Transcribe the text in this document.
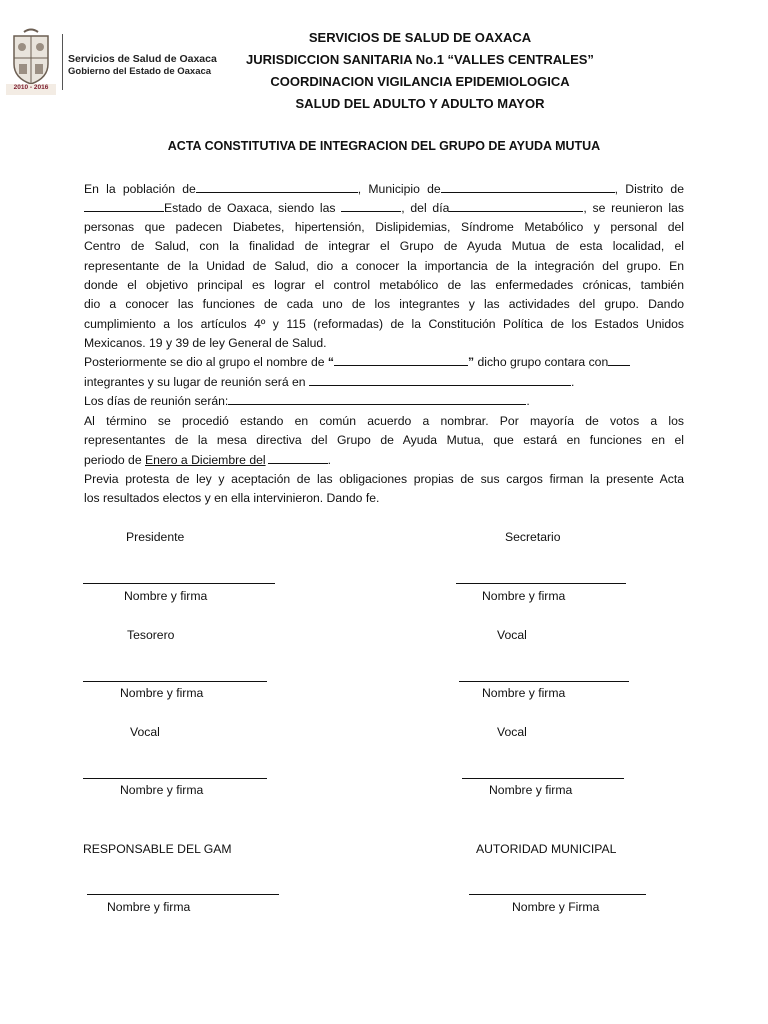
2010 - 2016
Servicios de Salud de Oaxaca
Gobierno del Estado de Oaxaca
SERVICIOS DE SALUD DE OAXACA
JURISDICCION SANITARIA No.1 “VALLES CENTRALES”
COORDINACION VIGILANCIA EPIDEMIOLOGICA
SALUD DEL ADULTO Y ADULTO MAYOR
ACTA CONSTITUTIVA DE INTEGRACION DEL GRUPO DE AYUDA MUTUA
En la población de	, Municipio de	, Distrito de
Estado de Oaxaca, siendo las	, del día	, se reunieron las
personas que padecen Diabetes, hipertensión, Dislipidemias, Síndrome Metabólico y personal del
Centro de Salud, con la finalidad de integrar el Grupo de Ayuda Mutua de esta localidad, el
representante de la Unidad de Salud, dio a conocer la importancia de la integración del grupo. En
donde el objetivo principal es lograr el control metabólico de las enfermedades crónicas, también
dio a conocer las funciones de cada uno de los integrantes y las actividades del grupo. Dando
cumplimiento a los artículos 4º y 115 (reformadas) de la Constitución Política de los Estados Unidos
Mexicanos. 19 y 39 de ley General de Salud.
Posteriormente se dio al grupo el nombre de “	” dicho grupo contara con
integrantes y su lugar de reunión será en	.
Los días de reunión serán:	.
Al término se procedió estando en común acuerdo a nombrar. Por mayoría de votos a los
representantes de la mesa directiva del Grupo de Ayuda Mutua, que estará en funciones en el
periodo de Enero a Diciembre del	.
Previa protesta de ley y aceptación de las obligaciones propias de sus cargos firman la presente Acta
los resultados electos y en ella intervinieron. Dando fe.
Presidente	Secretario
Nombre y firma	Nombre y firma
Tesorero	Vocal
Nombre y firma	Nombre y firma
Vocal	Vocal
Nombre y firma	Nombre y firma
RESPONSABLE DEL GAM	AUTORIDAD MUNICIPAL
Nombre y firma	Nombre y Firma
